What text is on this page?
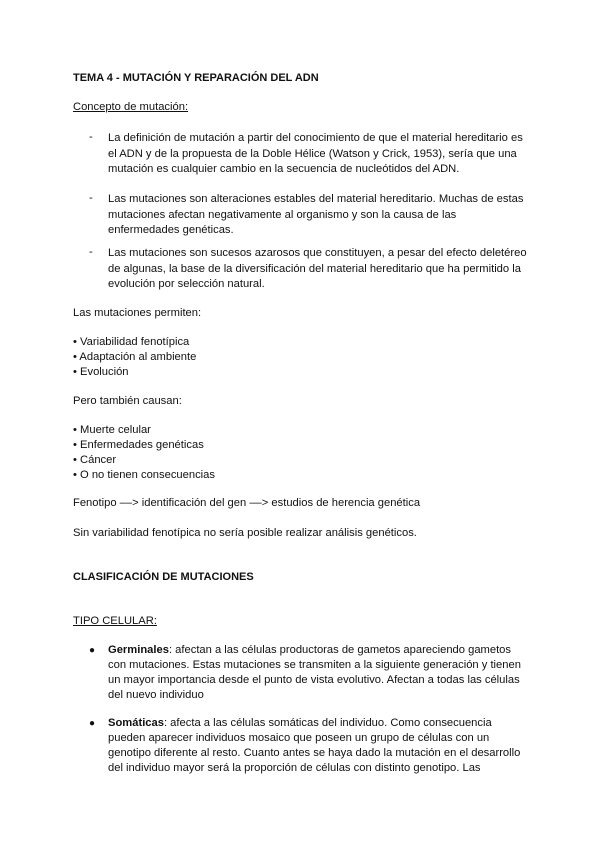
TEMA 4 - MUTACIÓN Y REPARACIÓN DEL ADN
Concepto de mutación:
- La definición de mutación a partir del conocimiento de que el material hereditario es el ADN y de la propuesta de la Doble Hélice (Watson y Crick, 1953), sería que una mutación es cualquier cambio en la secuencia de nucleótidos del ADN.
- Las mutaciones son alteraciones estables del material hereditario. Muchas de estas mutaciones afectan negativamente al organismo y son la causa de las enfermedades genéticas.
- Las mutaciones son sucesos azarosos que constituyen, a pesar del efecto deletéreo de algunas, la base de la diversificación del material hereditario que ha permitido la evolución por selección natural.
Las mutaciones permiten:
• Variabilidad fenotípica
• Adaptación al ambiente
• Evolución
Pero también causan:
• Muerte celular
• Enfermedades genéticas
• Cáncer
• O no tienen consecuencias
Fenotipo ––> identificación del gen ––> estudios de herencia genética
Sin variabilidad fenotípica no sería posible realizar análisis genéticos.
CLASIFICACIÓN DE MUTACIONES
TIPO CELULAR:
● Germinales: afectan a las células productoras de gametos apareciendo gametos con mutaciones. Estas mutaciones se transmiten a la siguiente generación y tienen un mayor importancia desde el punto de vista evolutivo. Afectan a todas las células del nuevo individuo
● Somáticas: afecta a las células somáticas del individuo. Como consecuencia pueden aparecer individuos mosaico que poseen un grupo de células con un genotipo diferente al resto. Cuanto antes se haya dado la mutación en el desarrollo del individuo mayor será la proporción de células con distinto genotipo. Las
